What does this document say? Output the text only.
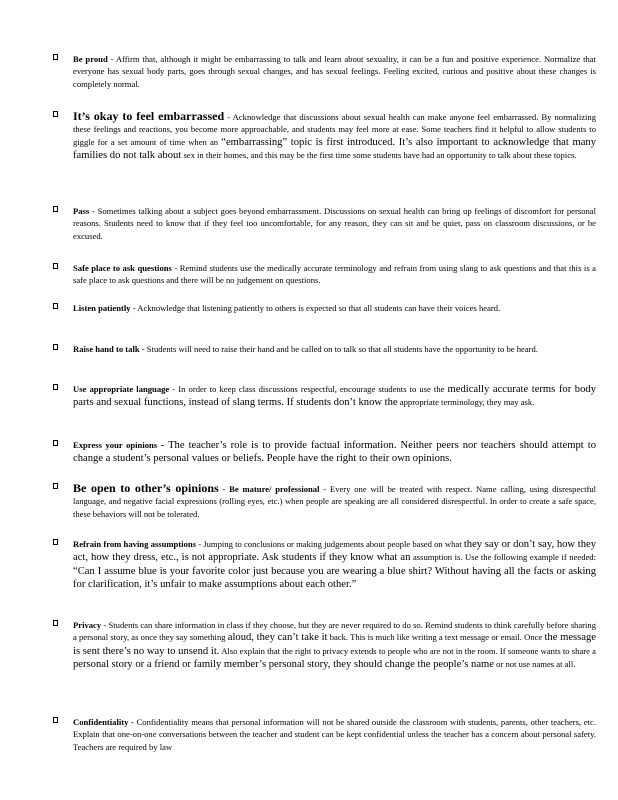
Be proud - Affirm that, although it might be embarrassing to talk and learn about sexuality, it can be a fun and positive experience. Normalize that everyone has sexual body parts, goes through sexual changes, and has sexual feelings. Feeling excited, curious and positive about these changes is completely normal.
It’s okay to feel embarrassed - Acknowledge that discussions about sexual health can make anyone feel embarrassed. By normalizing these feelings and reactions, you become more approachable, and students may feel more at ease. Some teachers find it helpful to allow students to giggle for a set amount of time when an “embarrassing” topic is first introduced. It’s also important to acknowledge that many families do not talk about sex in their homes, and this may be the first time some students have had an opportunity to talk about these topics.
Pass - Sometimes talking about a subject goes beyond embarrassment. Discussions on sexual health can bring up feelings of discomfort for personal reasons. Students need to know that if they feel too uncomfortable, for any reason, they can sit and be quiet, pass on classroom discussions, or be excused.
Safe place to ask questions - Remind students use the medically accurate terminology and refrain from using slang to ask questions and that this is a safe place to ask questions and there will be no judgement on questions.
Listen patiently - Acknowledge that listening patiently to others is expected so that all students can have their voices heard.
Raise hand to talk - Students will need to raise their hand and be called on to talk so that all students have the opportunity to be heard.
Use appropriate language - In order to keep class discussions respectful, encourage students to use the medically accurate terms for body parts and sexual functions, instead of slang terms. If students don’t know the appropriate terminology, they may ask.
Express your opinions - The teacher’s role is to provide factual information. Neither peers nor teachers should attempt to change a student’s personal values or beliefs. People have the right to their own opinions.
Be open to other’s opinions - Be mature/ professional - Every one will be treated with respect. Name calling, using disrespectful language, and negative facial expressions (rolling eyes, etc.) when people are speaking are all considered disrespectful. In order to create a safe space, these behaviors will not be tolerated.
Refrain from having assumptions - Jumping to conclusions or making judgements about people based on what they say or don’t say, how they act, how they dress, etc., is not appropriate. Ask students if they know what an assumption is. Use the following example if needed: “Can I assume blue is your favorite color just because you are wearing a blue shirt? Without having all the facts or asking for clarification, it’s unfair to make assumptions about each other.”
Privacy - Students can share information in class if they choose, but they are never required to do so. Remind students to think carefully before sharing a personal story, as once they say something aloud, they can’t take it back. This is much like writing a text message or email. Once the message is sent there’s no way to unsend it. Also explain that the right to privacy extends to people who are not in the room. If someone wants to share a personal story or a friend or family member’s personal story, they should change the people’s name or not use names at all.
Confidentiality - Confidentiality means that personal information will not be shared outside the classroom with students, parents, other teachers, etc. Explain that one-on-one conversations between the teacher and student can be kept confidential unless the teacher has a concern about personal safety. Teachers are required by law
